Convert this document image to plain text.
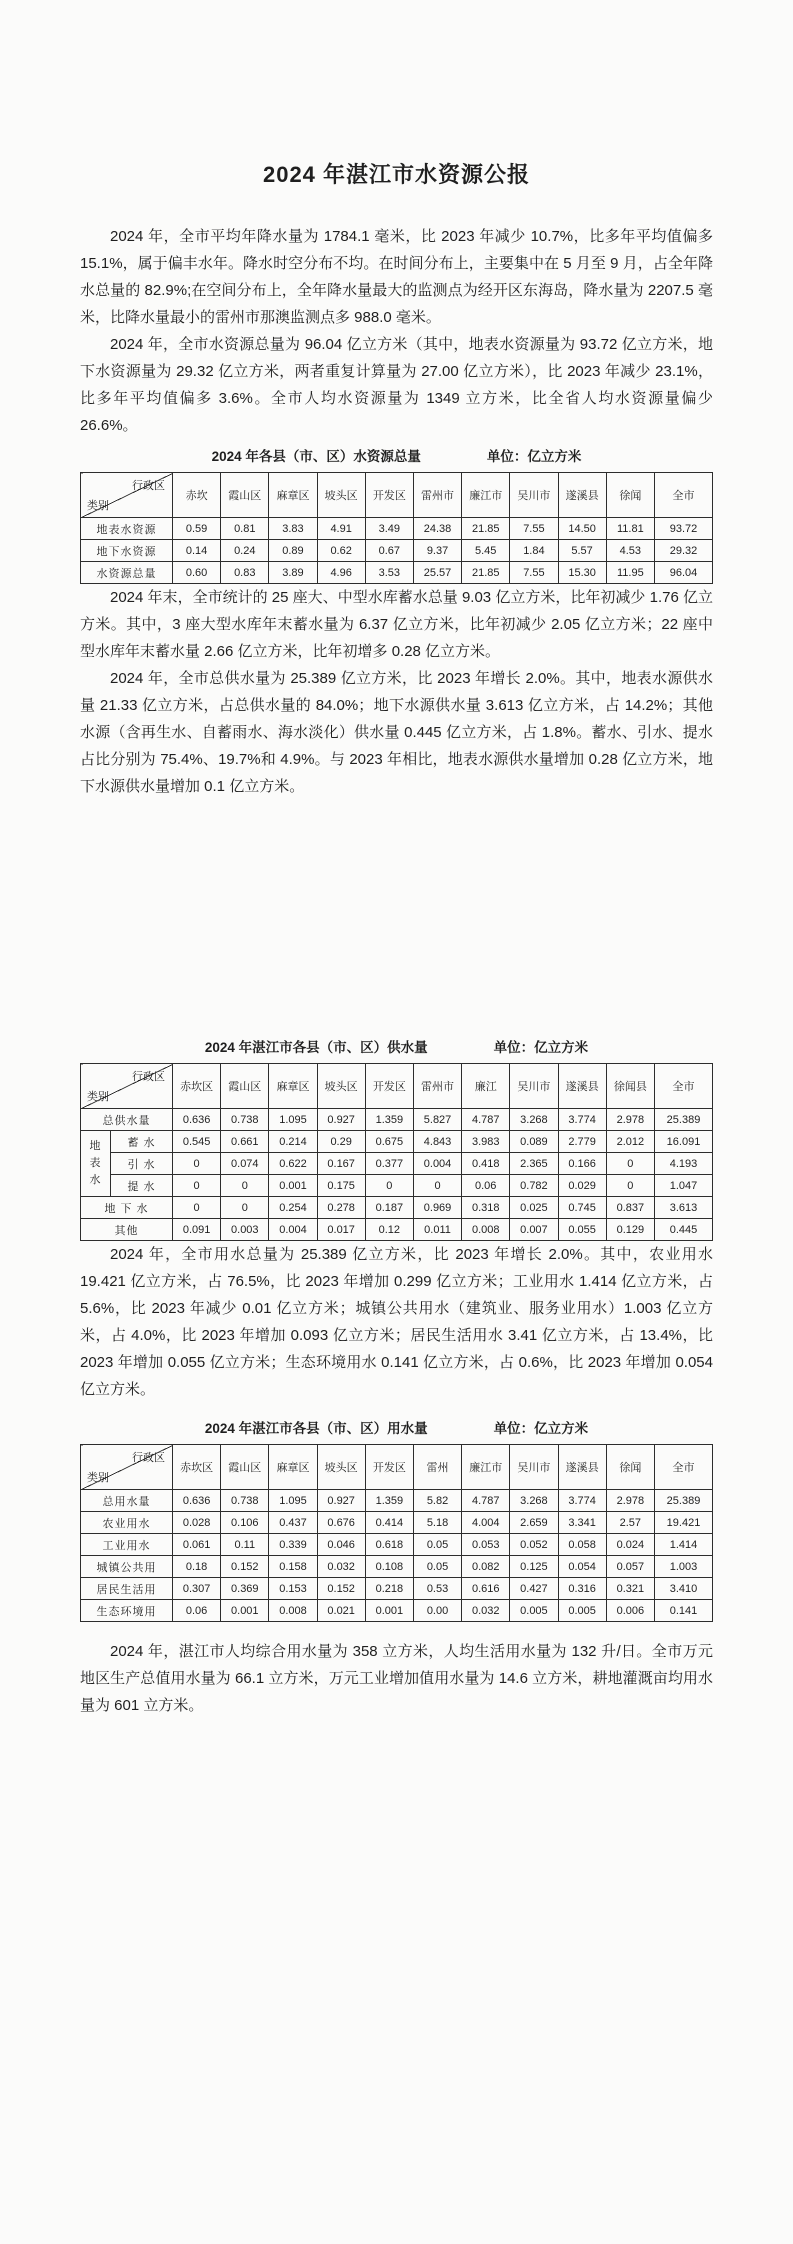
2024 年湛江市水资源公报

2024 年，全市平均年降水量为 1784.1 毫米，比 2023 年减少 10.7%，比多年平均值偏多 15.1%，属于偏丰水年。降水时空分布不均。在时间分布上，主要集中在 5 月至 9 月，占全年降水总量的 82.9%;在空间分布上，全年降水量最大的监测点为经开区东海岛，降水量为 2207.5 毫米，比降水量最小的雷州市那澳监测点多 988.0 毫米。

2024 年，全市水资源总量为 96.04 亿立方米（其中，地表水资源量为 93.72 亿立方米，地下水资源量为 29.32 亿立方米，两者重复计算量为 27.00 亿立方米），比 2023 年减少 23.1%，比多年平均值偏多 3.6%。全市人均水资源量为 1349 立方米，比全省人均水资源量偏少 26.6%。

2024 年各县（市、区）水资源总量	单位：亿立方米
行政区
类别	赤坎	霞山区	麻章区	坡头区	开发区	雷州市	廉江市	吴川市	遂溪县	徐闻	全市
地表水资源	0.59	0.81	3.83	4.91	3.49	24.38	21.85	7.55	14.50	11.81	93.72
地下水资源	0.14	0.24	0.89	0.62	0.67	9.37	5.45	1.84	5.57	4.53	29.32
水资源总量	0.60	0.83	3.89	4.96	3.53	25.57	21.85	7.55	15.30	11.95	96.04

2024 年末，全市统计的 25 座大、中型水库蓄水总量 9.03 亿立方米，比年初减少 1.76 亿立方米。其中，3 座大型水库年末蓄水量为 6.37 亿立方米，比年初减少 2.05 亿立方米；22 座中型水库年末蓄水量 2.66 亿立方米，比年初增多 0.28 亿立方米。

2024 年，全市总供水量为 25.389 亿立方米，比 2023 年增长 2.0%。其中，地表水源供水量 21.33 亿立方米，占总供水量的 84.0%；地下水源供水量 3.613 亿立方米，占 14.2%；其他水源（含再生水、自蓄雨水、海水淡化）供水量 0.445 亿立方米，占 1.8%。蓄水、引水、提水占比分别为 75.4%、19.7%和 4.9%。与 2023 年相比，地表水源供水量增加 0.28 亿立方米，地下水源供水量增加 0.1 亿立方米。

2024 年湛江市各县（市、区）供水量	单位：亿立方米
行政区
类别		赤坎区	霞山区	麻章区	坡头区	开发区	雷州市	廉江	吴川市	遂溪县	徐闻县	全市
总供水量		0.636	0.738	1.095	0.927	1.359	5.827	4.787	3.268	3.774	2.978	25.389
地
表
水	蓄 水	0.545	0.661	0.214	0.29	0.675	4.843	3.983	0.089	2.779	2.012	16.091
	引 水	0	0.074	0.622	0.167	0.377	0.004	0.418	2.365	0.166	0	4.193
	提 水	0	0	0.001	0.175	0	0	0.06	0.782	0.029	0	1.047
地 下 水		0	0	0.254	0.278	0.187	0.969	0.318	0.025	0.745	0.837	3.613
其他		0.091	0.003	0.004	0.017	0.12	0.011	0.008	0.007	0.055	0.129	0.445

2024 年，全市用水总量为 25.389 亿立方米，比 2023 年增长 2.0%。其中，农业用水 19.421 亿立方米，占 76.5%，比 2023 年增加 0.299 亿立方米；工业用水 1.414 亿立方米，占 5.6%，比 2023 年减少 0.01 亿立方米；城镇公共用水（建筑业、服务业用水）1.003 亿立方米，占 4.0%，比 2023 年增加 0.093 亿立方米；居民生活用水 3.41 亿立方米，占 13.4%，比 2023 年增加 0.055 亿立方米；生态环境用水 0.141 亿立方米，占 0.6%，比 2023 年增加 0.054 亿立方米。

2024 年湛江市各县（市、区）用水量	单位：亿立方米
行政区
类别	赤坎区	霞山区	麻章区	坡头区	开发区	雷州	廉江市	吴川市	遂溪县	徐闻	全市
总用水量	0.636	0.738	1.095	0.927	1.359	5.82	4.787	3.268	3.774	2.978	25.389
农业用水	0.028	0.106	0.437	0.676	0.414	5.18	4.004	2.659	3.341	2.57	19.421
工业用水	0.061	0.11	0.339	0.046	0.618	0.05	0.053	0.052	0.058	0.024	1.414
城镇公共用	0.18	0.152	0.158	0.032	0.108	0.05	0.082	0.125	0.054	0.057	1.003
居民生活用	0.307	0.369	0.153	0.152	0.218	0.53	0.616	0.427	0.316	0.321	3.410
生态环境用	0.06	0.001	0.008	0.021	0.001	0.00	0.032	0.005	0.005	0.006	0.141

2024 年，湛江市人均综合用水量为 358 立方米，人均生活用水量为 132 升/日。全市万元地区生产总值用水量为 66.1 立方米，万元工业增加值用水量为 14.6 立方米，耕地灌溉亩均用水量为 601 立方米。
